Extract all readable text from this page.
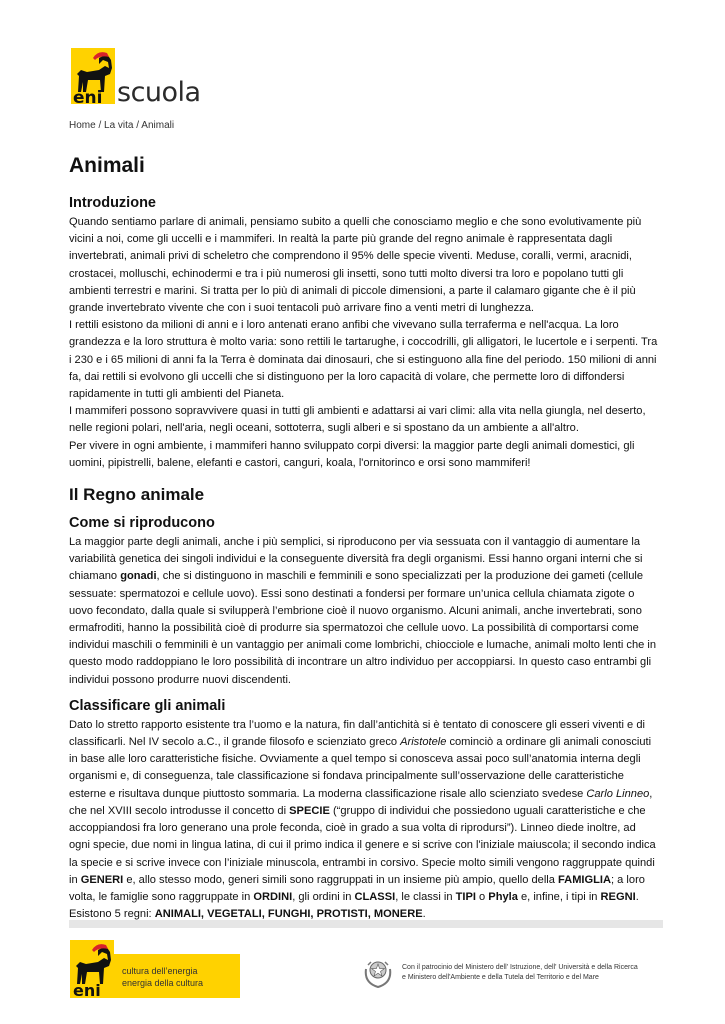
eni scuola
Home / La vita / Animali
Animali
Introduzione

Quando sentiamo parlare di animali, pensiamo subito a quelli che conosciamo meglio e che sono evolutivamente più vicini a noi, come gli uccelli e i mammiferi. In realtà la parte più grande del regno animale è rappresentata dagli invertebrati, animali privi di scheletro che comprendono il 95% delle specie viventi. Meduse, coralli, vermi, aracnidi, crostacei, molluschi, echinodermi e tra i più numerosi gli insetti, sono tutti molto diversi tra loro e popolano tutti gli ambienti terrestri e marini. Si tratta per lo più di animali di piccole dimensioni, a parte il calamaro gigante che è il più grande invertebrato vivente che con i suoi tentacoli può arrivare fino a venti metri di lunghezza.

I rettili esistono da milioni di anni e i loro antenati erano anfibi che vivevano sulla terraferma e nell'acqua. La loro grandezza e la loro struttura è molto varia: sono rettili le tartarughe, i coccodrilli, gli alligatori, le lucertole e i serpenti. Tra i 230 e i 65 milioni di anni fa la Terra è dominata dai dinosauri, che si estinguono alla fine del periodo. 150 milioni di anni fa, dai rettili si evolvono gli uccelli che si distinguono per la loro capacità di volare, che permette loro di diffondersi rapidamente in tutti gli ambienti del Pianeta.

I mammiferi possono sopravvivere quasi in tutti gli ambienti e adattarsi ai vari climi: alla vita nella giungla, nel deserto, nelle regioni polari, nell'aria, negli oceani, sottoterra, sugli alberi e si spostano da un ambiente a all'altro.

Per vivere in ogni ambiente, i mammiferi hanno sviluppato corpi diversi: la maggior parte degli animali domestici, gli uomini, pipistrelli, balene, elefanti e castori, canguri, koala, l'ornitorinco e orsi sono mammiferi!

Il Regno animale
Come si riproducono

La maggior parte degli animali, anche i più semplici, si riproducono per via sessuata con il vantaggio di aumentare la variabilità genetica dei singoli individui e la conseguente diversità fra degli organismi. Essi hanno organi interni che si chiamano gonadi, che si distinguono in maschili e femminili e sono specializzati per la produzione dei gameti (cellule sessuate: spermatozoi e cellule uovo). Essi sono destinati a fondersi per formare un’unica cellula chiamata zigote o uovo fecondato, dalla quale si svilupperà l’embrione cioè il nuovo organismo. Alcuni animali, anche invertebrati, sono ermafroditi, hanno la possibilità cioè di produrre sia spermatozoi che cellule uovo. La possibilità di comportarsi come individui maschili o femminili è un vantaggio per animali come lombrichi, chiocciole e lumache, animali molto lenti che in questo modo raddoppiano le loro possibilità di incontrare un altro individuo per accoppiarsi. In questo caso entrambi gli individui possono produrre nuovi discendenti.

Classificare gli animali

Dato lo stretto rapporto esistente tra l’uomo e la natura, fin dall’antichità si è tentato di conoscere gli esseri viventi e di classificarli. Nel IV secolo a.C., il grande filosofo e scienziato greco Aristotele cominciò a ordinare gli animali conosciuti in base alle loro caratteristiche fisiche. Ovviamente a quel tempo si conosceva assai poco sull’anatomia interna degli organismi e, di conseguenza, tale classificazione si fondava principalmente sull’osservazione delle caratteristiche esterne e risultava dunque piuttosto sommaria. La moderna classificazione risale allo scienziato svedese Carlo Linneo, che nel XVIII secolo introdusse il concetto di SPECIE (“gruppo di individui che possiedono uguali caratteristiche e che accoppiandosi fra loro generano una prole feconda, cioè in grado a sua volta di riprodursi”). Linneo diede inoltre, ad ogni specie, due nomi in lingua latina, di cui il primo indica il genere e si scrive con l'iniziale maiuscola; il secondo indica la specie e si scrive invece con l’iniziale minuscola, entrambi in corsivo. Specie molto simili vengono raggruppate quindi in GENERI e, allo stesso modo, generi simili sono raggruppati in un insieme più ampio, quello della FAMIGLIA; a loro volta, le famiglie sono raggruppate in ORDINI, gli ordini in CLASSI, le classi in TIPI o Phyla e, infine, i tipi in REGNI. Esistono 5 regni: ANIMALI, VEGETALI, FUNGHI, PROTISTI, MONERE.

eni
cultura dell’energia
energia della cultura
Con il patrocinio del Ministero dell' Istruzione, dell' Università e della Ricerca
e Ministero dell'Ambiente e della Tutela del Territorio e del Mare
